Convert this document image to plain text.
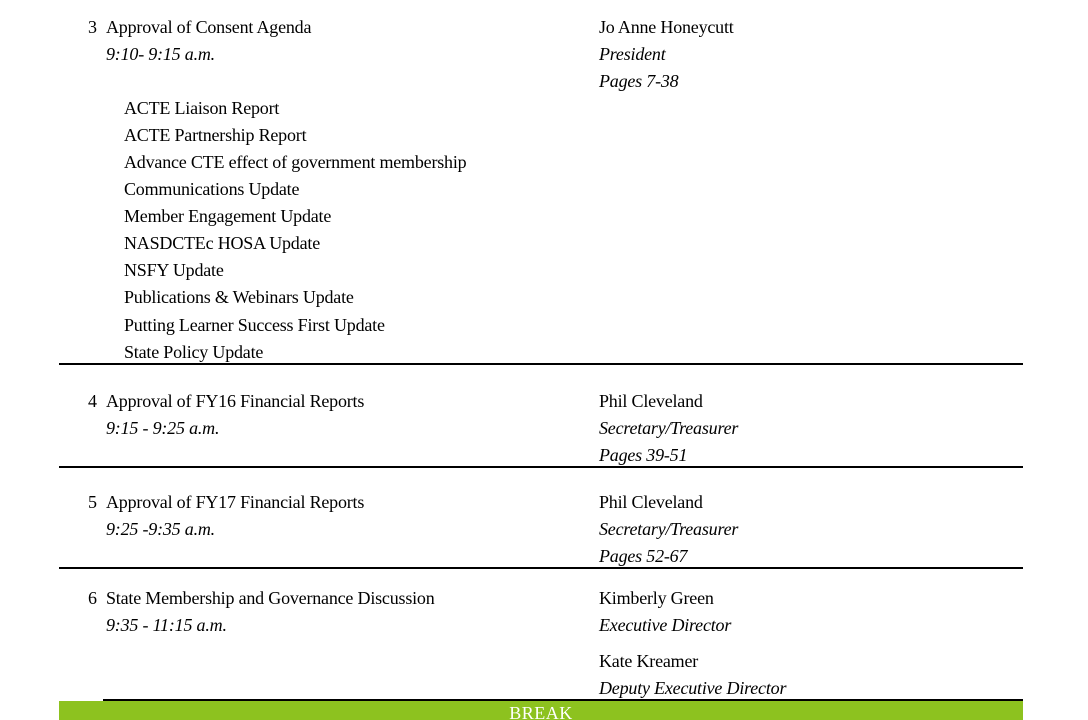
3 Approval of Consent Agenda
9:10- 9:15 a.m.
Jo Anne Honeycutt
President
Pages 7-38
ACTE Liaison Report
ACTE Partnership Report
Advance CTE effect of government membership
Communications Update
Member Engagement Update
NASDCTEc HOSA Update
NSFY Update
Publications & Webinars Update
Putting Learner Success First Update
State Policy Update
4 Approval of FY16 Financial Reports
9:15 - 9:25 a.m.
Phil Cleveland
Secretary/Treasurer
Pages 39-51
5 Approval of FY17 Financial Reports
9:25 -9:35 a.m.
Phil Cleveland
Secretary/Treasurer
Pages 52-67
6 State Membership and Governance Discussion
9:35 - 11:15 a.m.
Kimberly Green
Executive Director
Kate Kreamer
Deputy Executive Director
BREAK
